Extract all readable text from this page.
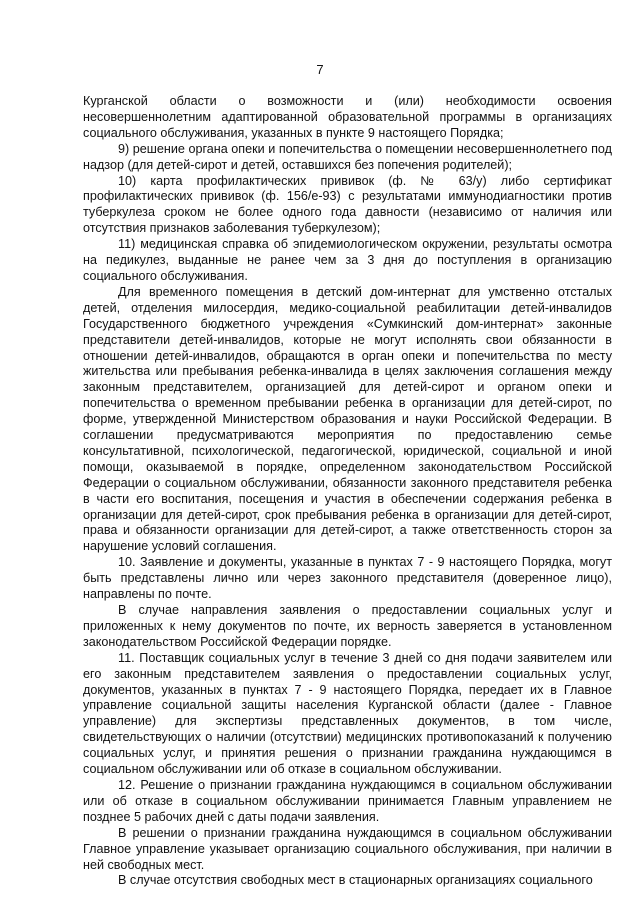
7

Курганской области о возможности и (или) необходимости освоения несовершеннолетним адаптированной образовательной программы в организациях социального обслуживания, указанных в пункте 9 настоящего Порядка;

9) решение органа опеки и попечительства о помещении несовершеннолетнего под надзор (для детей-сирот и детей, оставшихся без попечения родителей);

10) карта профилактических прививок (ф. № 63/у) либо сертификат профилактических прививок (ф. 156/е-93) с результатами иммунодиагностики против туберкулеза сроком не более одного года давности (независимо от наличия или отсутствия признаков заболевания туберкулезом);

11) медицинская справка об эпидемиологическом окружении, результаты осмотра на педикулез, выданные не ранее чем за 3 дня до поступления в организацию социального обслуживания.

Для временного помещения в детский дом-интернат для умственно отсталых детей, отделения милосердия, медико-социальной реабилитации детей-инвалидов Государственного бюджетного учреждения «Сумкинский дом-интернат» законные представители детей-инвалидов, которые не могут исполнять свои обязанности в отношении детей-инвалидов, обращаются в орган опеки и попечительства по месту жительства или пребывания ребенка-инвалида в целях заключения соглашения между законным представителем, организацией для детей-сирот и органом опеки и попечительства о временном пребывании ребенка в организации для детей-сирот, по форме, утвержденной Министерством образования и науки Российской Федерации. В соглашении предусматриваются мероприятия по предоставлению семье консультативной, психологической, педагогической, юридической, социальной и иной помощи, оказываемой в порядке, определенном законодательством Российской Федерации о социальном обслуживании, обязанности законного представителя ребенка в части его воспитания, посещения и участия в обеспечении содержания ребенка в организации для детей-сирот, срок пребывания ребенка в организации для детей-сирот, права и обязанности организации для детей-сирот, а также ответственность сторон за нарушение условий соглашения.

10. Заявление и документы, указанные в пунктах 7 - 9 настоящего Порядка, могут быть представлены лично или через законного представителя (доверенное лицо), направлены по почте.

В случае направления заявления о предоставлении социальных услуг и приложенных к нему документов по почте, их верность заверяется в установленном законодательством Российской Федерации порядке.

11. Поставщик социальных услуг в течение 3 дней со дня подачи заявителем или его законным представителем заявления о предоставлении социальных услуг, документов, указанных в пунктах 7 - 9 настоящего Порядка, передает их в Главное управление социальной защиты населения Курганской области (далее - Главное управление) для экспертизы представленных документов, в том числе, свидетельствующих о наличии (отсутствии) медицинских противопоказаний к получению социальных услуг, и принятия решения о признании гражданина нуждающимся в социальном обслуживании или об отказе в социальном обслуживании.

12. Решение о признании гражданина нуждающимся в социальном обслуживании или об отказе в социальном обслуживании принимается Главным управлением не позднее 5 рабочих дней с даты подачи заявления.

В решении о признании гражданина нуждающимся в социальном обслуживании Главное управление указывает организацию социального обслуживания, при наличии в ней свободных мест.

В случае отсутствия свободных мест в стационарных организациях социального
